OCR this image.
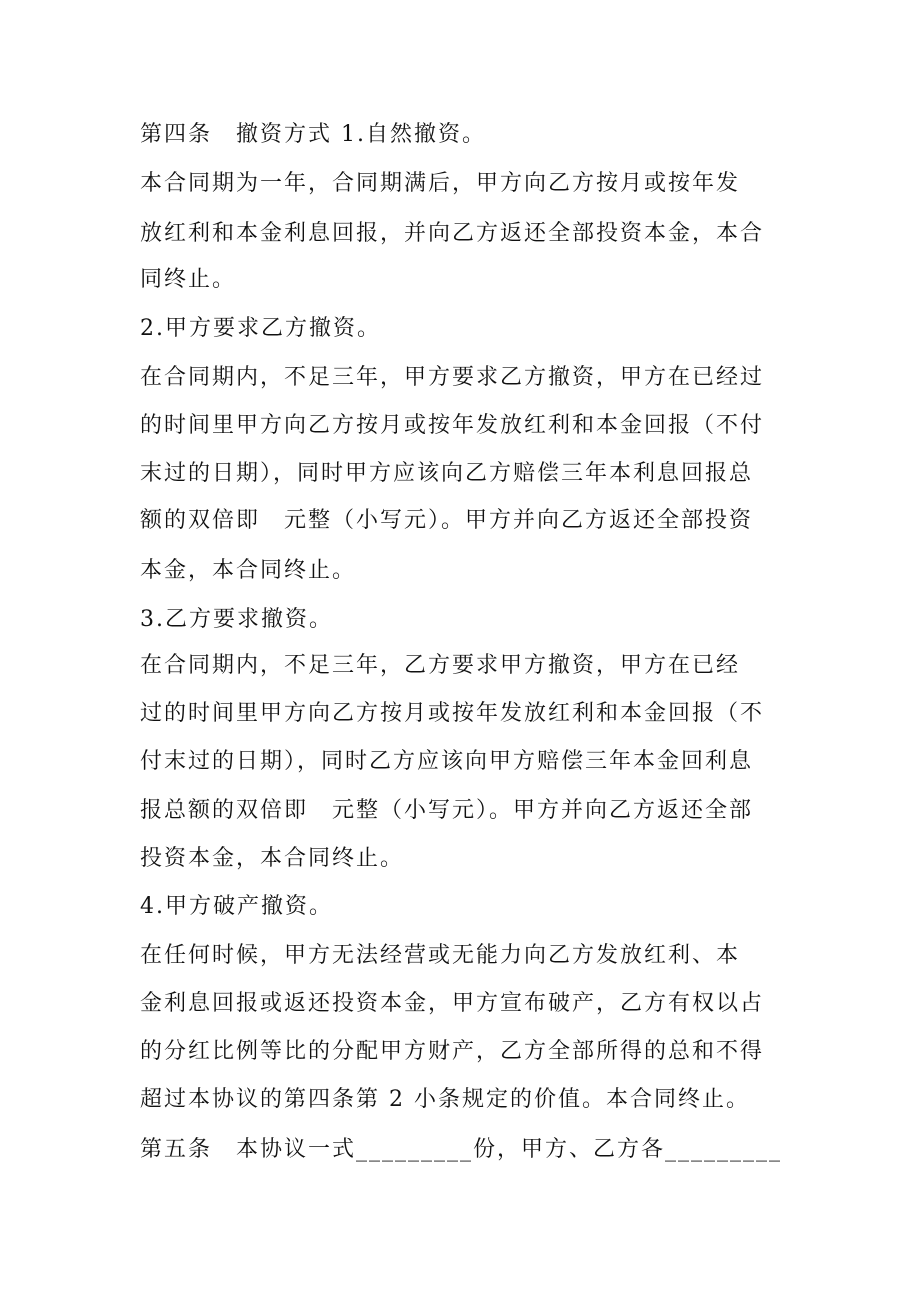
第四条　撤资方式 1.自然撤资。
本合同期为一年，合同期满后，甲方向乙方按月或按年发
放红利和本金利息回报，并向乙方返还全部投资本金，本合
同终止。
2.甲方要求乙方撤资。
在合同期内，不足三年，甲方要求乙方撤资，甲方在已经过
的时间里甲方向乙方按月或按年发放红利和本金回报（不付
末过的日期），同时甲方应该向乙方赔偿三年本利息回报总
额的双倍即　元整（小写元）。甲方并向乙方返还全部投资
本金，本合同终止。
3.乙方要求撤资。
在合同期内，不足三年，乙方要求甲方撤资，甲方在已经
过的时间里甲方向乙方按月或按年发放红利和本金回报（不
付末过的日期），同时乙方应该向甲方赔偿三年本金回利息
报总额的双倍即　元整（小写元）。甲方并向乙方返还全部
投资本金，本合同终止。
4.甲方破产撤资。
在任何时候，甲方无法经营或无能力向乙方发放红利、本
金利息回报或返还投资本金，甲方宣布破产，乙方有权以占
的分红比例等比的分配甲方财产，乙方全部所得的总和不得
超过本协议的第四条第 2 小条规定的价值。本合同终止。
第五条　本协议一式_________份，甲方、乙方各_________
